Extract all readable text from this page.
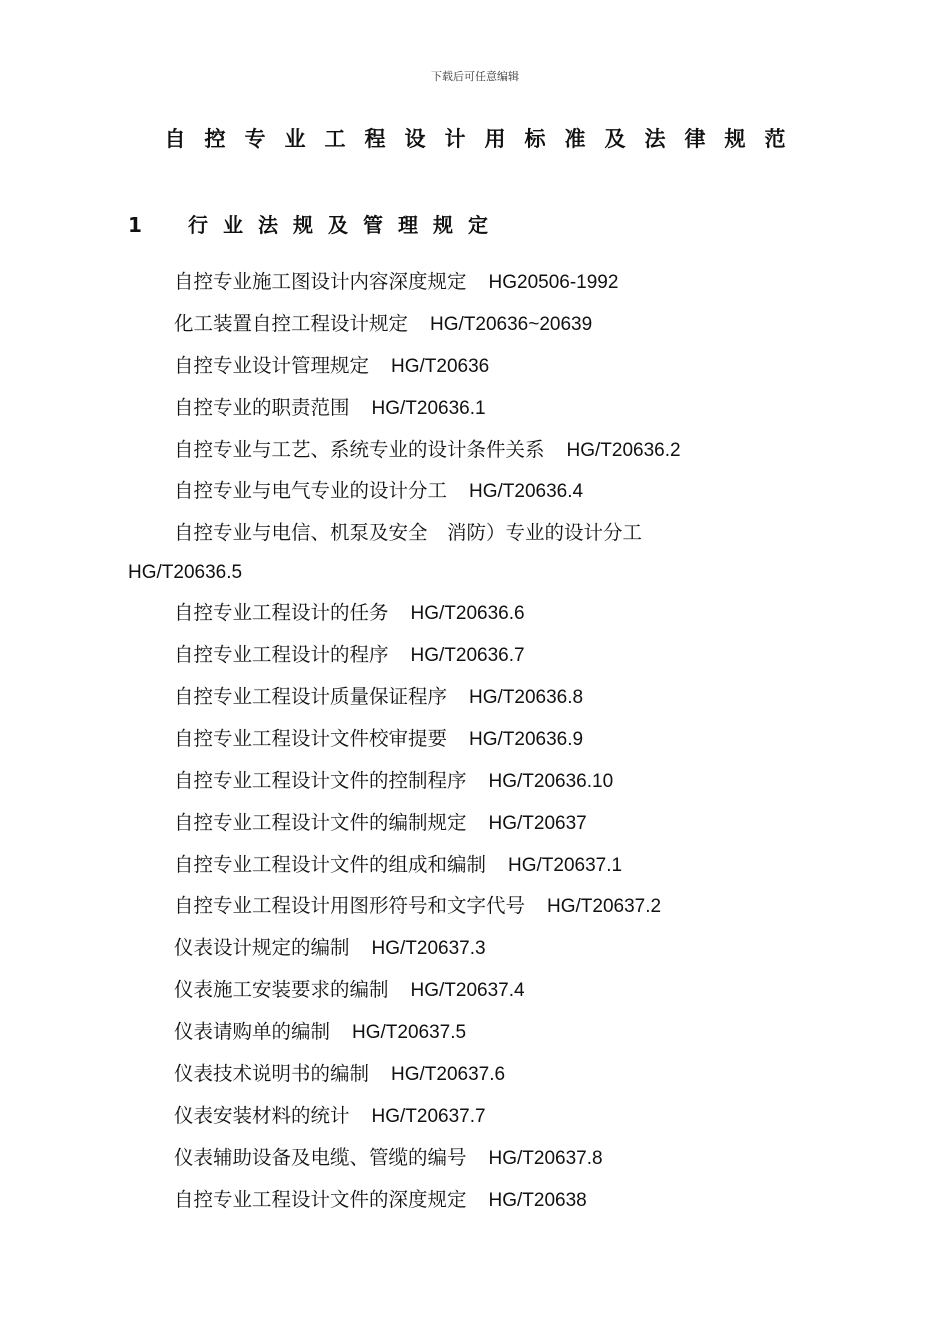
下载后可任意编辑
自控专业工程设计用标准及法律规范
1 行业法规及管理规定
自控专业施工图设计内容深度规定 HG20506-1992
化工装置自控工程设计规定 HG/T20636~20639
自控专业设计管理规定 HG/T20636
自控专业的职责范围 HG/T20636.1
自控专业与工艺、系统专业的设计条件关系 HG/T20636.2
自控专业与电气专业的设计分工 HG/T20636.4
自控专业与电信、机泵及安全　消防）专业的设计分工
HG/T20636.5
自控专业工程设计的任务 HG/T20636.6
自控专业工程设计的程序 HG/T20636.7
自控专业工程设计质量保证程序 HG/T20636.8
自控专业工程设计文件校审提要 HG/T20636.9
自控专业工程设计文件的控制程序 HG/T20636.10
自控专业工程设计文件的编制规定 HG/T20637
自控专业工程设计文件的组成和编制 HG/T20637.1
自控专业工程设计用图形符号和文字代号 HG/T20637.2
仪表设计规定的编制 HG/T20637.3
仪表施工安装要求的编制 HG/T20637.4
仪表请购单的编制 HG/T20637.5
仪表技术说明书的编制 HG/T20637.6
仪表安装材料的统计 HG/T20637.7
仪表辅助设备及电缆、管缆的编号 HG/T20637.8
自控专业工程设计文件的深度规定 HG/T20638
